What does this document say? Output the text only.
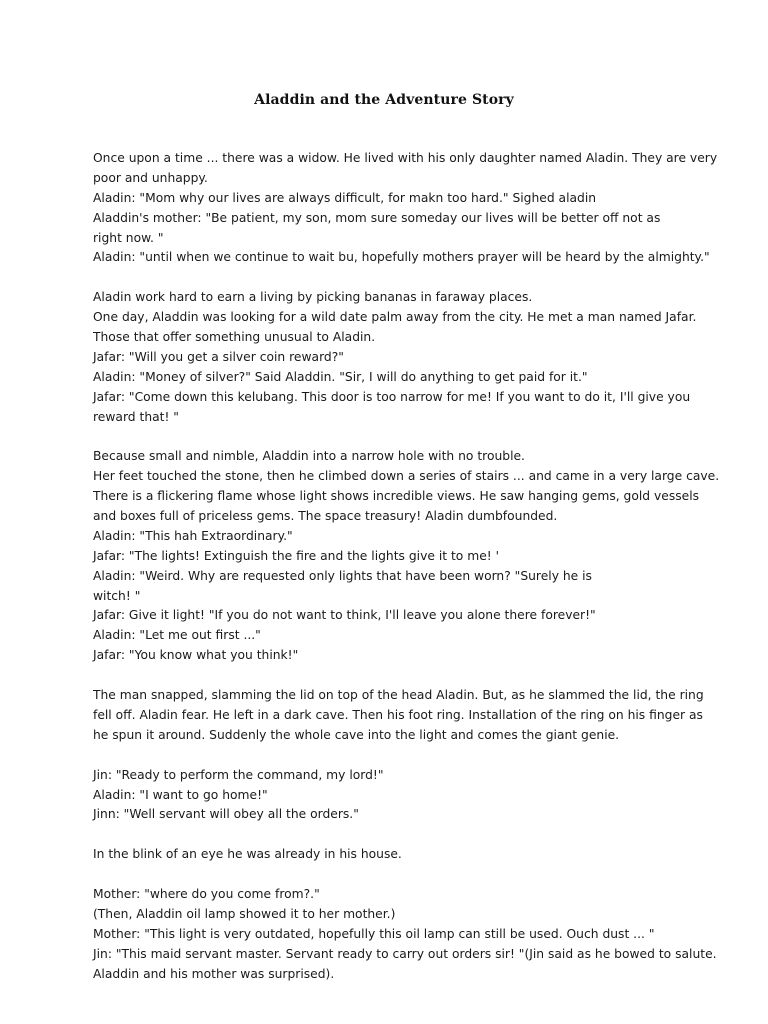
Aladdin and the Adventure Story
Once upon a time ... there was a widow. He lived with his only daughter named Aladin. They are very
poor and unhappy.
Aladin: "Mom why our lives are always difficult, for makn too hard." Sighed aladin
Aladdin's mother: "Be patient, my son, mom sure someday our lives will be better off not as
right now. "
Aladin: "until when we continue to wait bu, hopefully mothers prayer will be heard by the almighty."
Aladin work hard to earn a living by picking bananas in faraway places.
One day, Aladdin was looking for a wild date palm away from the city. He met a man named Jafar.
Those that offer something unusual to Aladin.
Jafar: "Will you get a silver coin reward?"
Aladin: "Money of silver?" Said Aladdin. "Sir, I will do anything to get paid for it."
Jafar: "Come down this kelubang. This door is too narrow for me! If you want to do it, I'll give you
reward that! "
Because small and nimble, Aladdin into a narrow hole with no trouble.
Her feet touched the stone, then he climbed down a series of stairs ... and came in a very large cave.
There is a flickering flame whose light shows incredible views. He saw hanging gems, gold vessels
and boxes full of priceless gems. The space treasury! Aladin dumbfounded.
Aladin: "This hah Extraordinary."
Jafar: "The lights! Extinguish the fire and the lights give it to me! '
Aladin: "Weird. Why are requested only lights that have been worn? "Surely he is
witch! "
Jafar: Give it light! "If you do not want to think, I'll leave you alone there forever!"
Aladin: "Let me out first ..."
Jafar: "You know what you think!"
The man snapped, slamming the lid on top of the head Aladin. But, as he slammed the lid, the ring
fell off. Aladin fear. He left in a dark cave. Then his foot ring. Installation of the ring on his finger as
he spun it around. Suddenly the whole cave into the light and comes the giant genie.
Jin: "Ready to perform the command, my lord!"
Aladin: "I want to go home!"
Jinn: "Well servant will obey all the orders."
In the blink of an eye he was already in his house.
Mother: "where do you come from?."
(Then, Aladdin oil lamp showed it to her mother.)
Mother: "This light is very outdated, hopefully this oil lamp can still be used. Ouch dust ... "
Jin: "This maid servant master. Servant ready to carry out orders sir! "(Jin said as he bowed to salute.
Aladdin and his mother was surprised).
